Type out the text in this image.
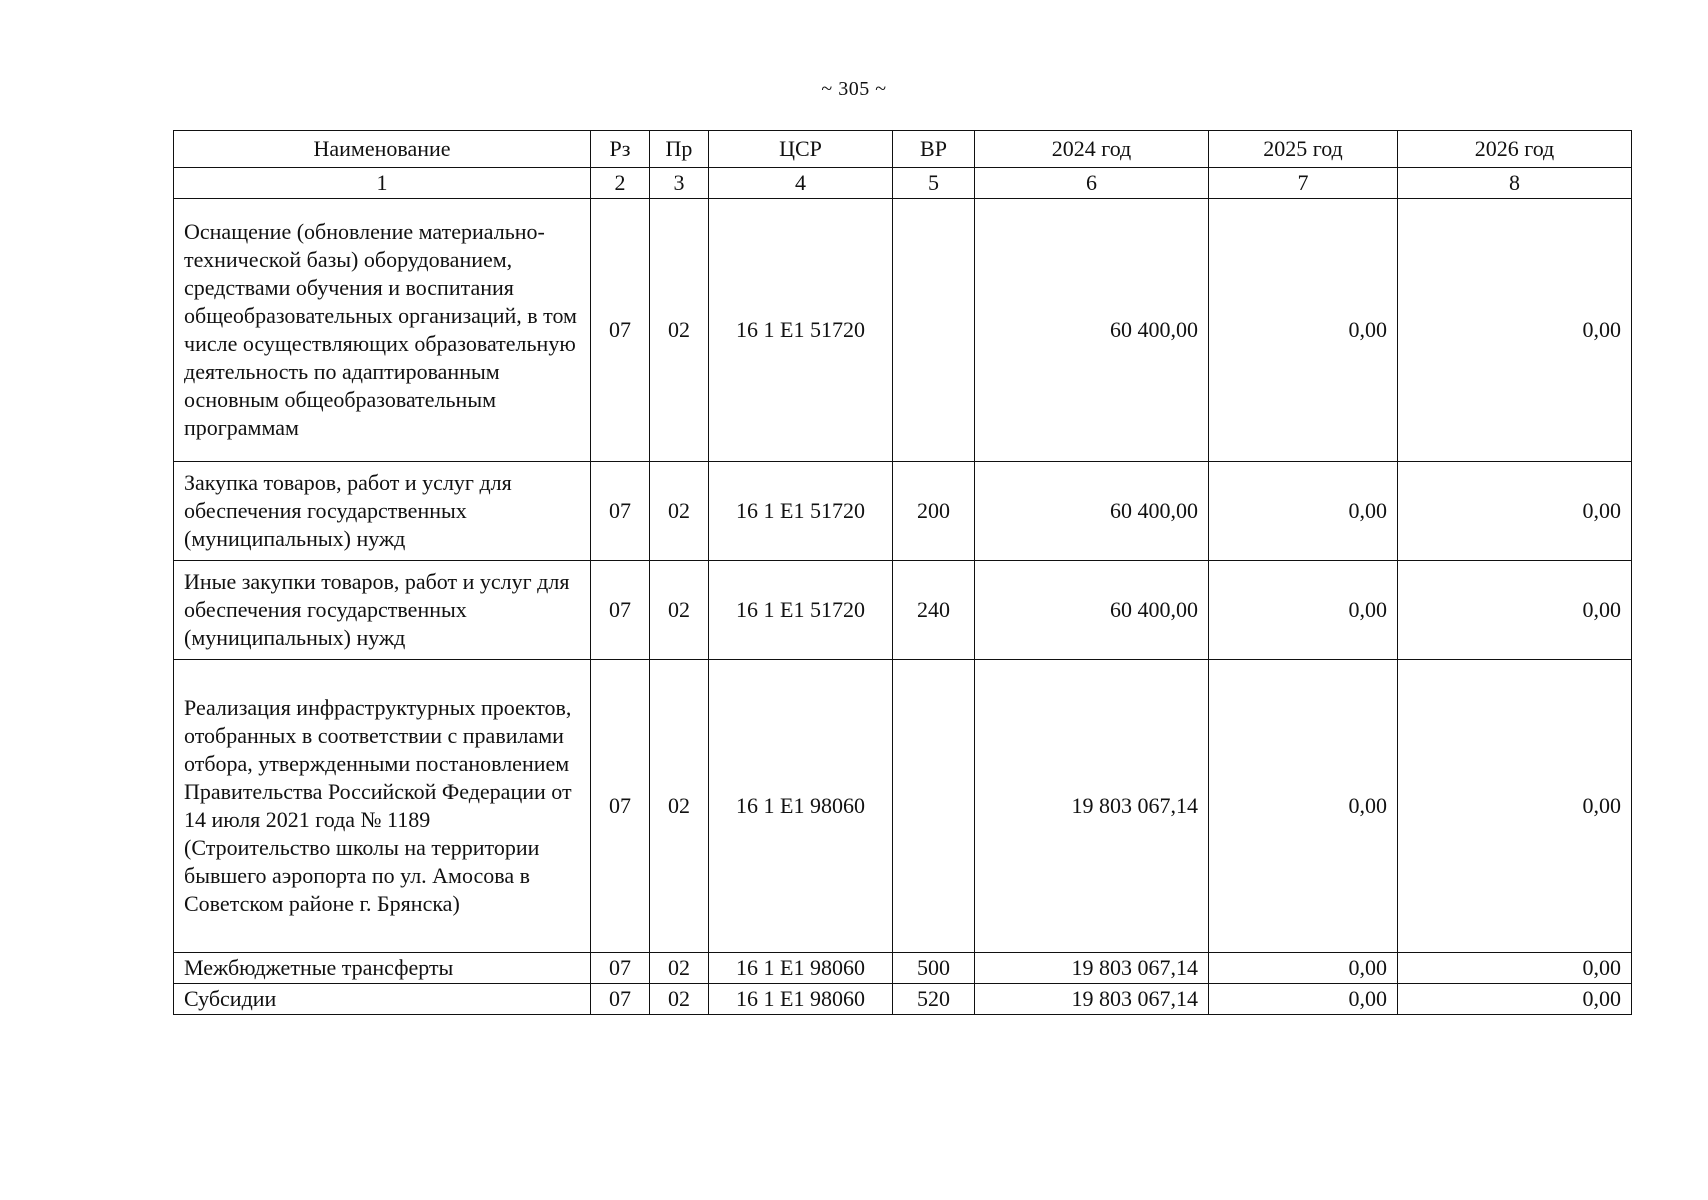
~ 305 ~
Наименование	Рз	Пр	ЦСР	ВР	2024 год	2025 год	2026 год
1	2	3	4	5	6	7	8
Оснащение (обновление материально-технической базы) оборудованием, средствами обучения и воспитания общеобразовательных организаций, в том числе осуществляющих образовательную деятельность по адаптированным основным общеобразовательным программам	07	02	16 1 Е1 51720		60 400,00	0,00	0,00
Закупка товаров, работ и услуг для обеспечения государственных (муниципальных) нужд	07	02	16 1 Е1 51720	200	60 400,00	0,00	0,00
Иные закупки товаров, работ и услуг для обеспечения государственных (муниципальных) нужд	07	02	16 1 Е1 51720	240	60 400,00	0,00	0,00
Реализация инфраструктурных проектов, отобранных в соответствии с правилами отбора, утвержденными постановлением Правительства Российской Федерации от 14 июля 2021 года № 1189 (Строительство школы на территории бывшего аэропорта по ул. Амосова в Советском районе г. Брянска)	07	02	16 1 Е1 98060		19 803 067,14	0,00	0,00
Межбюджетные трансферты	07	02	16 1 Е1 98060	500	19 803 067,14	0,00	0,00
Субсидии	07	02	16 1 Е1 98060	520	19 803 067,14	0,00	0,00
